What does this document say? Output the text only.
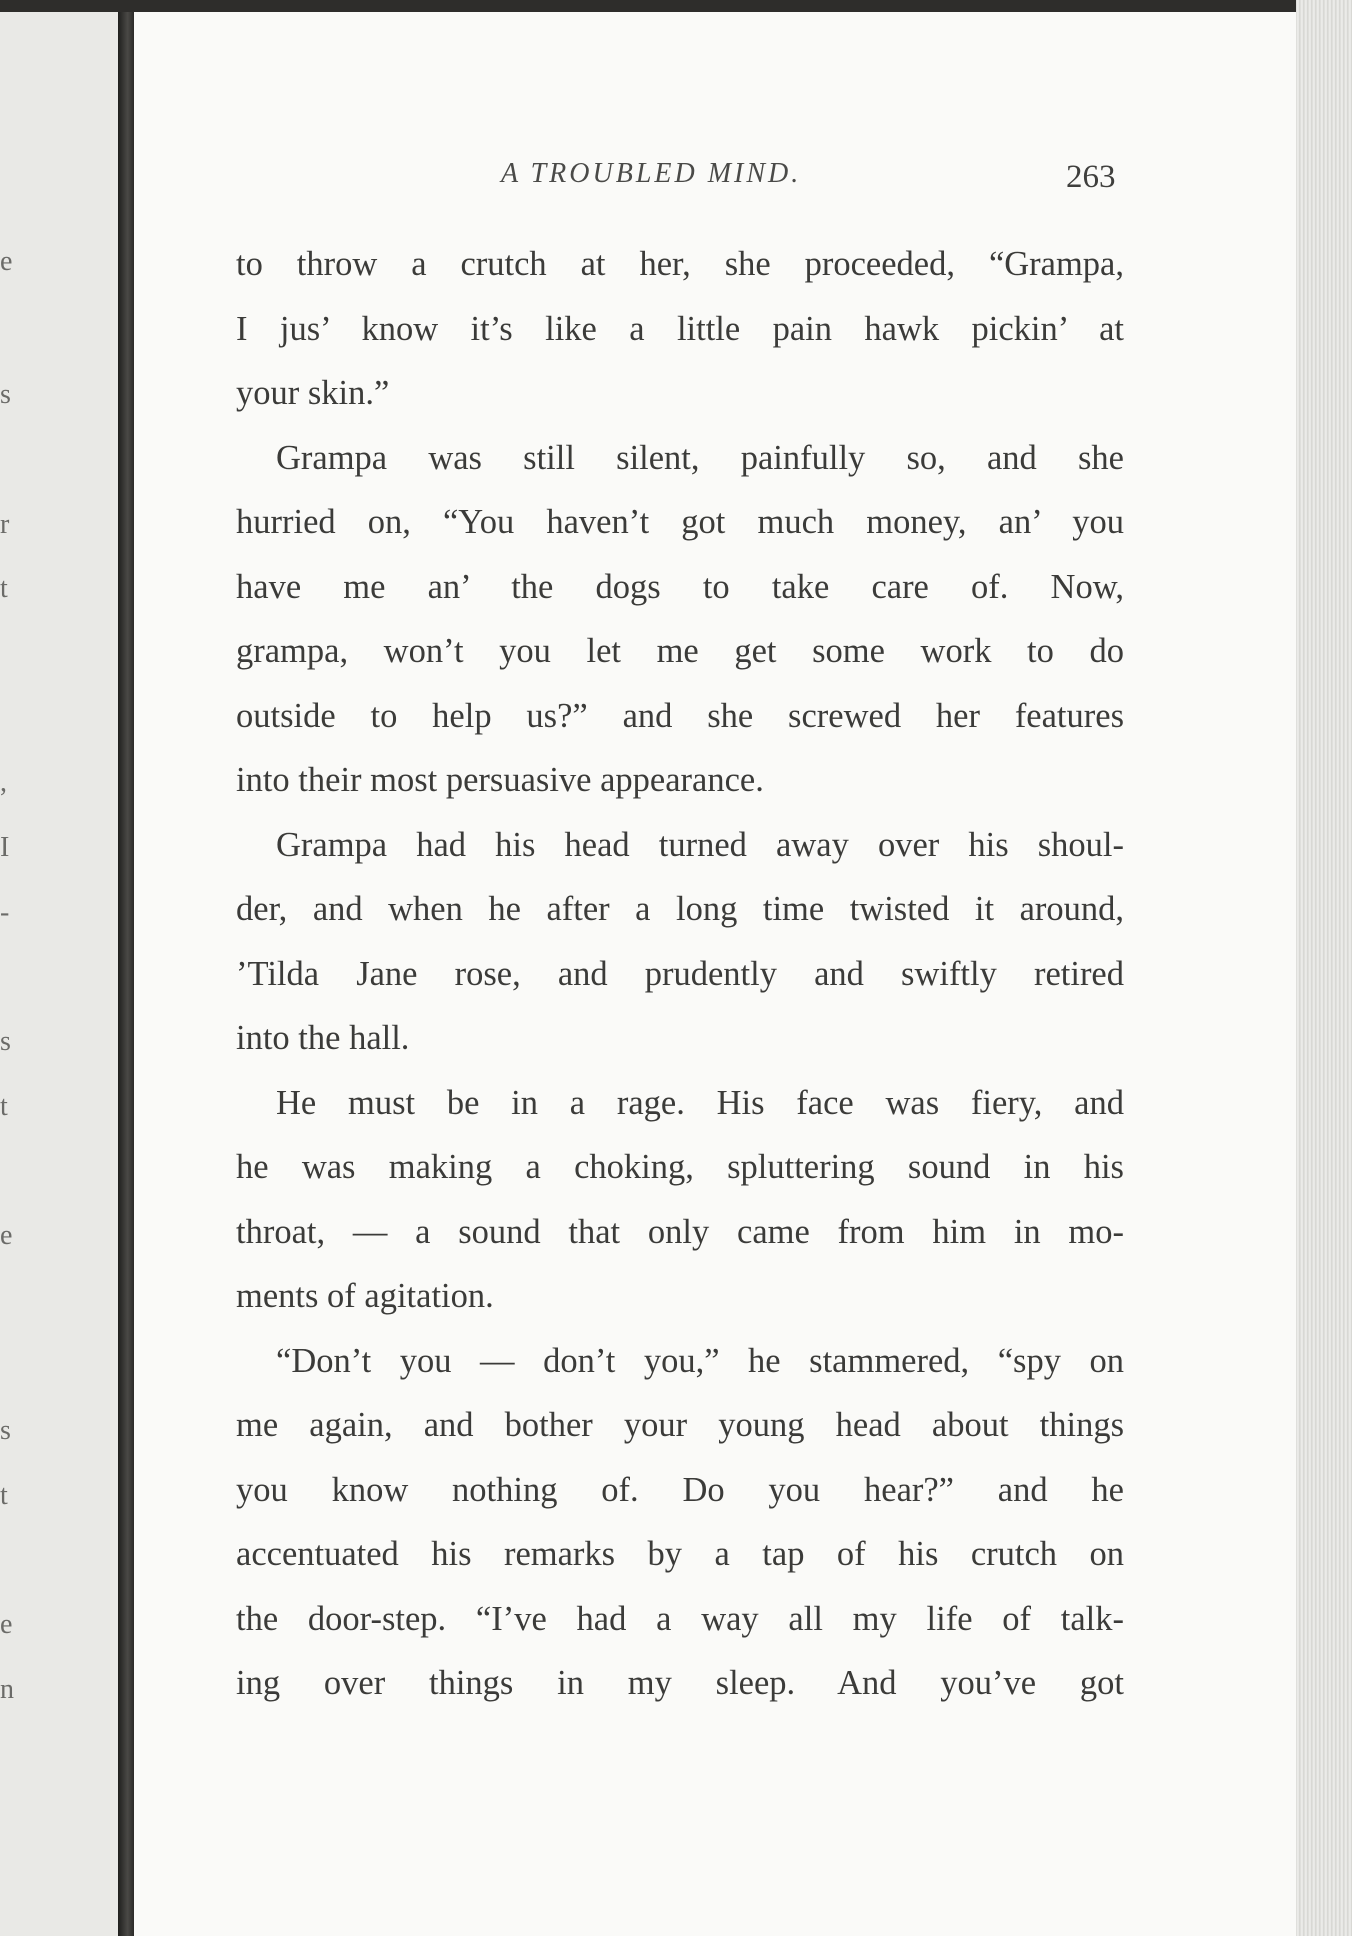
e
s
r
t
,
I
-
s
t
e
s
t
e
n
A TROUBLED MIND.	263
to throw a crutch at her, she proceeded, “Grampa,
I jus’ know it’s like a little pain hawk pickin’ at
your skin.”
Grampa was still silent, painfully so, and she
hurried on, “You haven’t got much money, an’ you
have me an’ the dogs to take care of. Now,
grampa, won’t you let me get some work to do
outside to help us?” and she screwed her features
into their most persuasive appearance.
Grampa had his head turned away over his shoul-
der, and when he after a long time twisted it around,
’Tilda Jane rose, and prudently and swiftly retired
into the hall.
He must be in a rage. His face was fiery, and
he was making a choking, spluttering sound in his
throat, — a sound that only came from him in mo-
ments of agitation.
“Don’t you — don’t you,” he stammered, “spy on
me again, and bother your young head about things
you know nothing of. Do you hear?” and he
accentuated his remarks by a tap of his crutch on
the door-step. “I’ve had a way all my life of talk-
ing over things in my sleep. And you’ve got
